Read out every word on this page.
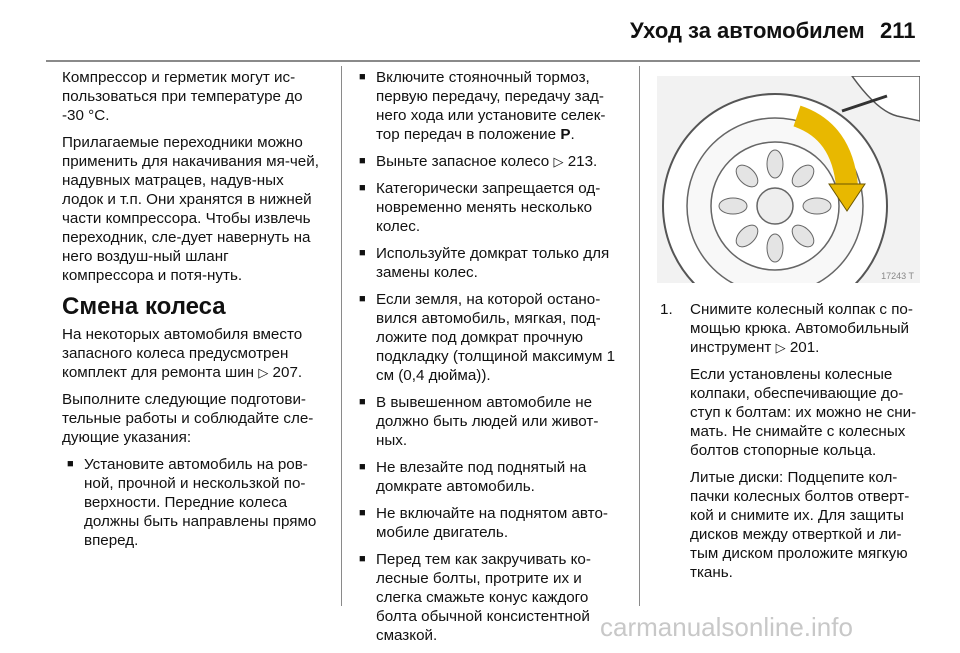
Уход за автомобилем 211

Компрессор и герметик могут ис-пользоваться при температуре до -30 °C.

Прилагаемые переходники можно применить для накачивания мя-чей, надувных матрацев, надув-ных лодок и т.п. Они хранятся в нижней части компрессора. Чтобы извлечь переходник, сле-дует навернуть на него воздуш-ный шланг компрессора и потя-нуть.

Смена колеса

На некоторых автомобиля вместо запасного колеса предусмотрен комплект для ремонта шин ▷ 207.

Выполните следующие подготови-тельные работы и соблюдайте сле-дующие указания:

■ Установите автомобиль на ров-ной, прочной и нескользкой по-верхности. Передние колеса должны быть направлены прямо вперед.
■ Включите стояночный тормоз, первую передачу, передачу зад-него хода или установите селек-тор передач в положение P.
■ Выньте запасное колесо ▷ 213.
■ Категорически запрещается од-новременно менять несколько колес.
■ Используйте домкрат только для замены колес.
■ Если земля, на которой остано-вился автомобиль, мягкая, под-ложите под домкрат прочную подкладку (толщиной максимум 1 см (0,4 дюйма)).
■ В вывешенном автомобиле не должно быть людей или живот-ных.
■ Не влезайте под поднятый на домкрате автомобиль.
■ Не включайте на поднятом авто-мобиле двигатель.
■ Перед тем как закручивать ко-лесные болты, протрите их и слегка смажьте конус каждого болта обычной консистентной смазкой.
17243 T
1. Снимите колесный колпак с по-мощью крюка. Автомобильный инструмент ▷ 201.

Если установлены колесные колпаки, обеспечивающие до-ступ к болтам: их можно не сни-мать. Не снимайте с колесных болтов стопорные кольца.

Литые диски: Подцепите кол-пачки колесных болтов отверт-кой и снимите их. Для защиты дисков между отверткой и ли-тым диском проложите мягкую ткань.

carmanualsonline.info
